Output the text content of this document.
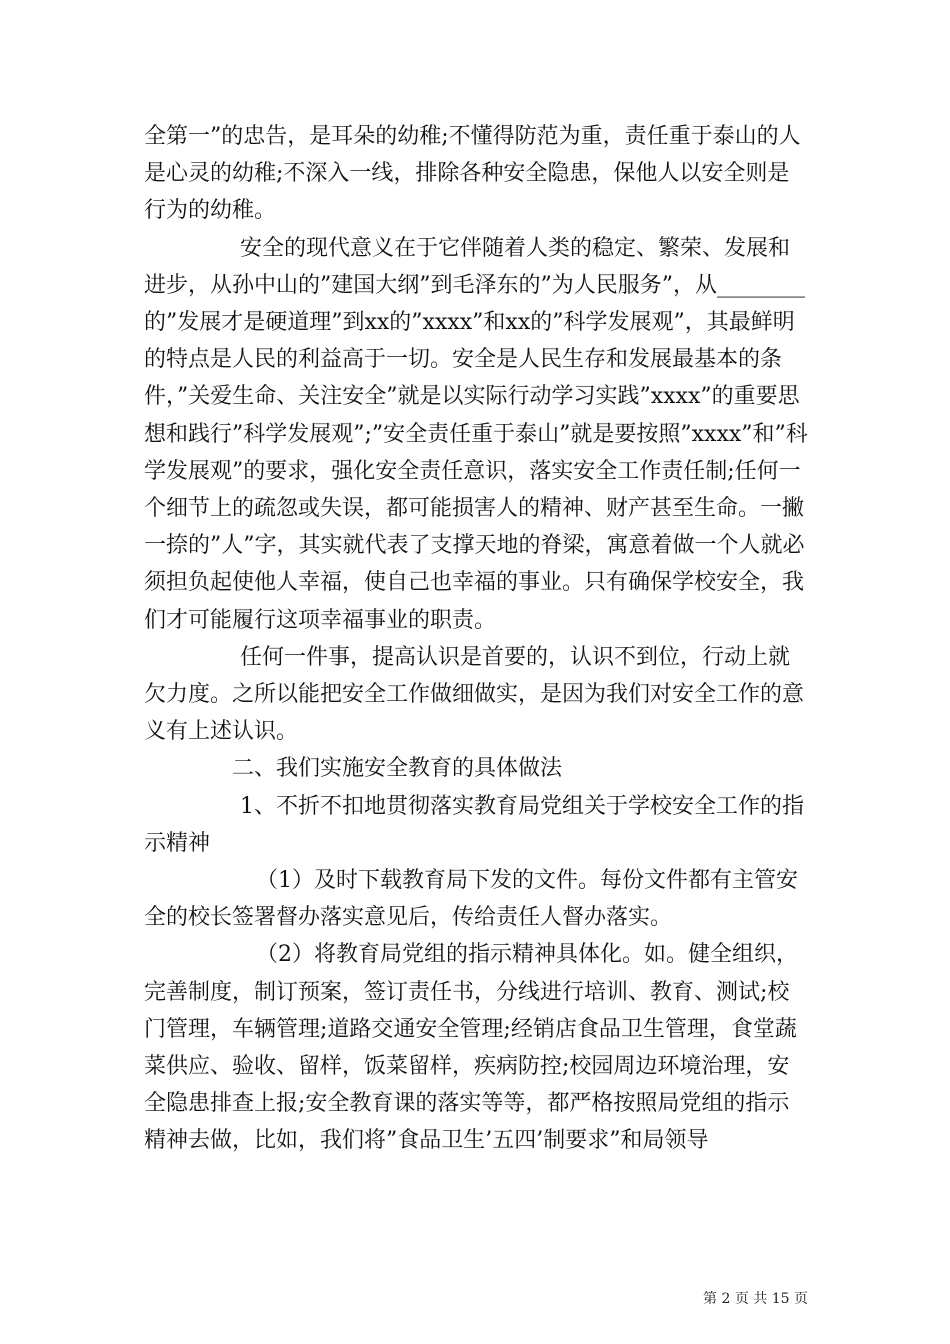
全第一”的忠告，是耳朵的幼稚;不懂得防范为重，责任重于泰山的人是心灵的幼稚;不深入一线，排除各种安全隐患，保他人以安全则是行为的幼稚。

安全的现代意义在于它伴随着人类的稳定、繁荣、发展和进步，从孙中山的”建国大纲”到毛泽东的”为人民服务”，从________的”发展才是硬道理”到xx的”xxxx”和xx的”科学发展观”，其最鲜明的特点是人民的利益高于一切。安全是人民生存和发展最基本的条件，”关爱生命、关注安全”就是以实际行动学习实践”xxxx”的重要思想和践行”科学发展观”;”安全责任重于泰山”就是要按照”xxxx”和”科学发展观”的要求，强化安全责任意识，落实安全工作责任制;任何一个细节上的疏忽或失误，都可能损害人的精神、财产甚至生命。一撇一捺的”人”字，其实就代表了支撑天地的脊梁，寓意着做一个人就必须担负起使他人幸福，使自己也幸福的事业。只有确保学校安全，我们才可能履行这项幸福事业的职责。

任何一件事，提高认识是首要的，认识不到位，行动上就欠力度。之所以能把安全工作做细做实，是因为我们对安全工作的意义有上述认识。

二、我们实施安全教育的具体做法

1、不折不扣地贯彻落实教育局党组关于学校安全工作的指示精神

（1）及时下载教育局下发的文件。每份文件都有主管安全的校长签署督办落实意见后，传给责任人督办落实。

（2）将教育局党组的指示精神具体化。如。健全组织，完善制度，制订预案，签订责任书，分线进行培训、教育、测试;校门管理，车辆管理;道路交通安全管理;经销店食品卫生管理，食堂蔬菜供应、验收、留样，饭菜留样，疾病防控;校园周边环境治理，安全隐患排查上报;安全教育课的落实等等，都严格按照局党组的指示精神去做，比如，我们将”食品卫生’五四’制要求”和局领导

第 2 页 共 15 页
